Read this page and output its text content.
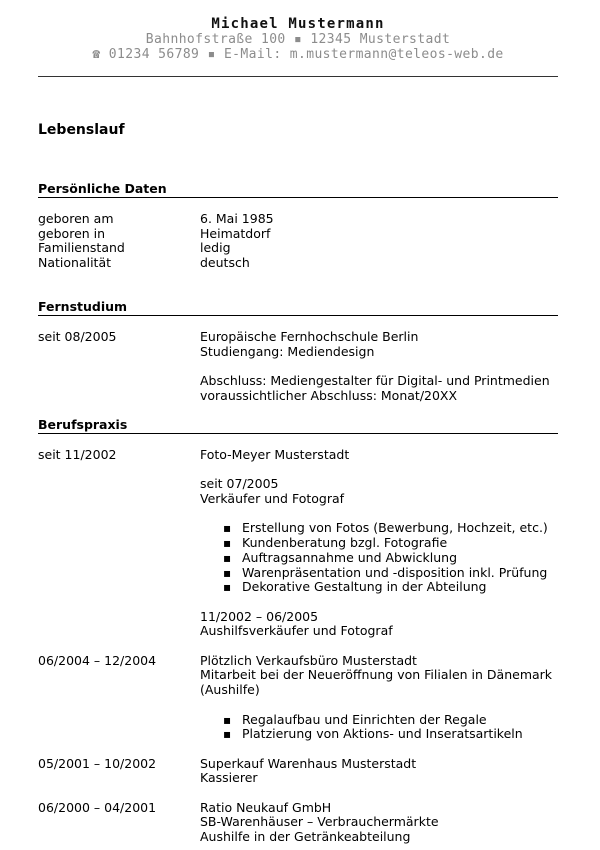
Michael Mustermann
Bahnhofstraße 100 ▪ 12345 Musterstadt
☎ 01234 56789 ▪ E-Mail: m.mustermann@teleos-web.de
Lebenslauf
Persönliche Daten
geboren am	6. Mai 1985
geboren in	Heimatdorf
Familienstand	ledig
Nationalität	deutsch
Fernstudium
seit 08/2005	Europäische Fernhochschule Berlin
Studiengang: Mediendesign
Abschluss: Mediengestalter für Digital- und Printmedien
voraussichtlicher Abschluss: Monat/20XX
Berufspraxis
seit 11/2002	Foto-Meyer Musterstadt
seit 07/2005
Verkäufer und Fotograf
▪ Erstellung von Fotos (Bewerbung, Hochzeit, etc.)
▪ Kundenberatung bzgl. Fotografie
▪ Auftragsannahme und Abwicklung
▪ Warenpräsentation und -disposition inkl. Prüfung
▪ Dekorative Gestaltung in der Abteilung
11/2002 – 06/2005
Aushilfsverkäufer und Fotograf
06/2004 – 12/2004	Plötzlich Verkaufsbüro Musterstadt
Mitarbeit bei der Neueröffnung von Filialen in Dänemark
(Aushilfe)
▪ Regalaufbau und Einrichten der Regale
▪ Platzierung von Aktions- und Inseratsartikeln
05/2001 – 10/2002	Superkauf Warenhaus Musterstadt
Kassierer
06/2000 – 04/2001	Ratio Neukauf GmbH
SB-Warenhäuser – Verbrauchermärkte
Aushilfe in der Getränkeabteilung
